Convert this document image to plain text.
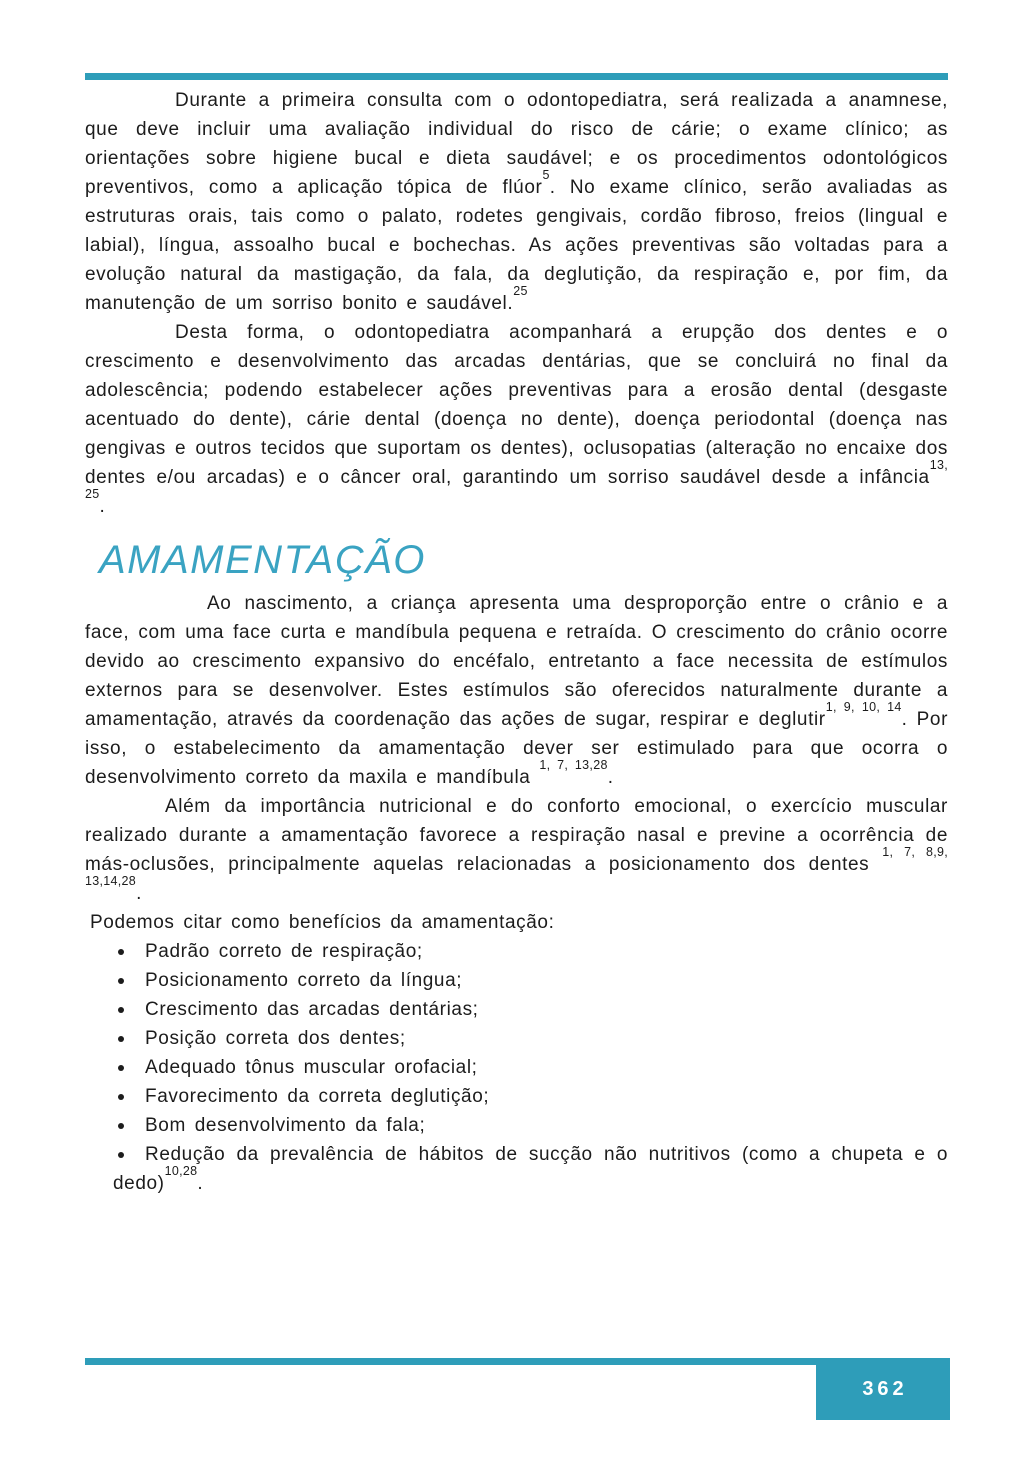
Durante a primeira consulta com o odontopediatra, será realizada a anamnese, que deve incluir uma avaliação individual do risco de cárie; o exame clínico; as orientações sobre higiene bucal e dieta saudável; e os procedimentos odontológicos preventivos, como a aplicação tópica de flúor$^5$. No exame clínico, serão avaliadas as estruturas orais, tais como o palato, rodetes gengivais, cordão fibroso, freios (lingual e labial), língua, assoalho bucal e bochechas. As ações preventivas são voltadas para a evolução natural da mastigação, da fala, da deglutição, da respiração e, por fim, da manutenção de um sorriso bonito e saudável.$^{25}$

Desta forma, o odontopediatra acompanhará a erupção dos dentes e o crescimento e desenvolvimento das arcadas dentárias, que se concluirá no final da adolescência; podendo estabelecer ações preventivas para a erosão dental (desgaste acentuado do dente), cárie dental (doença no dente), doença periodontal (doença nas gengivas e outros tecidos que suportam os dentes), oclusopatias (alteração no encaixe dos dentes e/ou arcadas) e o câncer oral, garantindo um sorriso saudável desde a infância$^{13, 25}$.

AMAMENTAÇÃO

Ao nascimento, a criança apresenta uma desproporção entre o crânio e a face, com uma face curta e mandíbula pequena e retraída. O crescimento do crânio ocorre devido ao crescimento expansivo do encéfalo, entretanto a face necessita de estímulos externos para se desenvolver. Estes estímulos são oferecidos naturalmente durante a amamentação, através da coordenação das ações de sugar, respirar e deglutir$^{1, 9, 10, 14}$. Por isso, o estabelecimento da amamentação dever ser estimulado para que ocorra o desenvolvimento correto da maxila e mandíbula $^{1, 7, 13,28}$.

Além da importância nutricional e do conforto emocional, o exercício muscular realizado durante a amamentação favorece a respiração nasal e previne a ocorrência de más-oclusões, principalmente aquelas relacionadas a posicionamento dos dentes $^{1, 7, 8,9, 13,14,28}$.

Podemos citar como benefícios da amamentação:

Padrão correto de respiração;
Posicionamento correto da língua;
Crescimento das arcadas dentárias;
Posição correta dos dentes;
Adequado tônus muscular orofacial;
Favorecimento da correta deglutição;
Bom desenvolvimento da fala;
Redução da prevalência de hábitos de sucção não nutritivos (como a chupeta e o dedo)$^{10,28}$.
362
